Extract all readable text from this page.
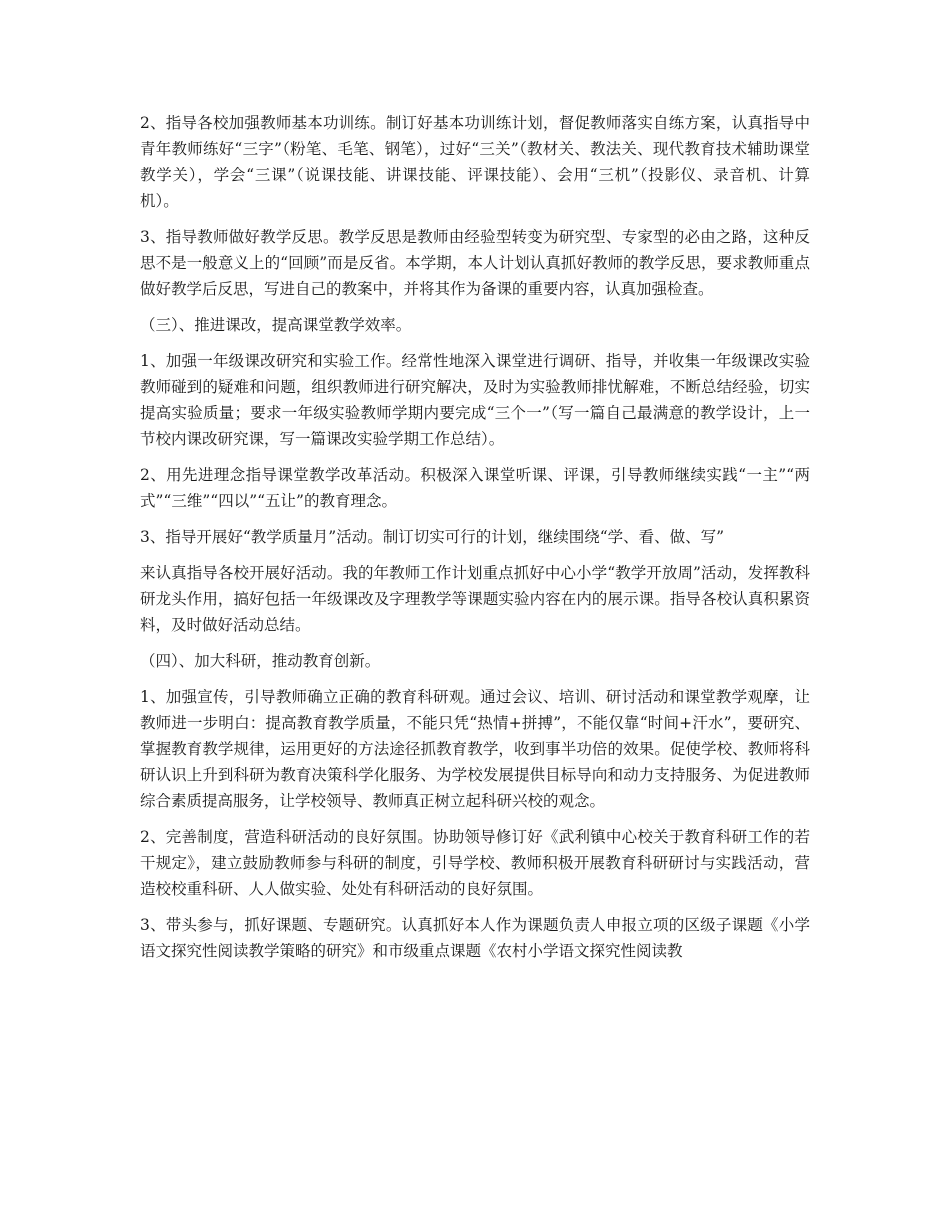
2、指导各校加强教师基本功训练。制订好基本功训练计划，督促教师落实自练方案，认真指导中青年教师练好“三字”（粉笔、毛笔、钢笔），过好“三关”（教材关、教法关、现代教育技术辅助课堂教学关），学会“三课”（说课技能、讲课技能、评课技能）、会用“三机”（投影仪、录音机、计算机）。

3、指导教师做好教学反思。教学反思是教师由经验型转变为研究型、专家型的必由之路，这种反思不是一般意义上的“回顾”而是反省。本学期，本人计划认真抓好教师的教学反思，要求教师重点做好教学后反思，写进自己的教案中，并将其作为备课的重要内容，认真加强检查。

（三）、推进课改，提高课堂教学效率。

1、加强一年级课改研究和实验工作。经常性地深入课堂进行调研、指导，并收集一年级课改实验教师碰到的疑难和问题，组织教师进行研究解决，及时为实验教师排忧解难，不断总结经验，切实提高实验质量；要求一年级实验教师学期内要完成“三个一”（写一篇自己最满意的教学设计，上一节校内课改研究课，写一篇课改实验学期工作总结）。

2、用先进理念指导课堂教学改革活动。积极深入课堂听课、评课，引导教师继续实践“一主”“两式”“三维”“四以”“五让”的教育理念。

3、指导开展好“教学质量月”活动。制订切实可行的计划，继续围绕“学、看、做、写”

来认真指导各校开展好活动。我的年教师工作计划重点抓好中心小学“教学开放周”活动，发挥教科研龙头作用，搞好包括一年级课改及字理教学等课题实验内容在内的展示课。指导各校认真积累资料，及时做好活动总结。

（四）、加大科研，推动教育创新。

1、加强宣传，引导教师确立正确的教育科研观。通过会议、培训、研讨活动和课堂教学观摩，让教师进一步明白：提高教育教学质量，不能只凭“热情+拼搏”，不能仅靠“时间+汗水”，要研究、掌握教育教学规律，运用更好的方法途径抓教育教学，收到事半功倍的效果。促使学校、教师将科研认识上升到科研为教育决策科学化服务、为学校发展提供目标导向和动力支持服务、为促进教师综合素质提高服务，让学校领导、教师真正树立起科研兴校的观念。

2、完善制度，营造科研活动的良好氛围。协助领导修订好《武利镇中心校关于教育科研工作的若干规定》，建立鼓励教师参与科研的制度，引导学校、教师积极开展教育科研研讨与实践活动，营造校校重科研、人人做实验、处处有科研活动的良好氛围。

3、带头参与，抓好课题、专题研究。认真抓好本人作为课题负责人申报立项的区级子课题《小学语文探究性阅读教学策略的研究》和市级重点课题《农村小学语文探究性阅读教
